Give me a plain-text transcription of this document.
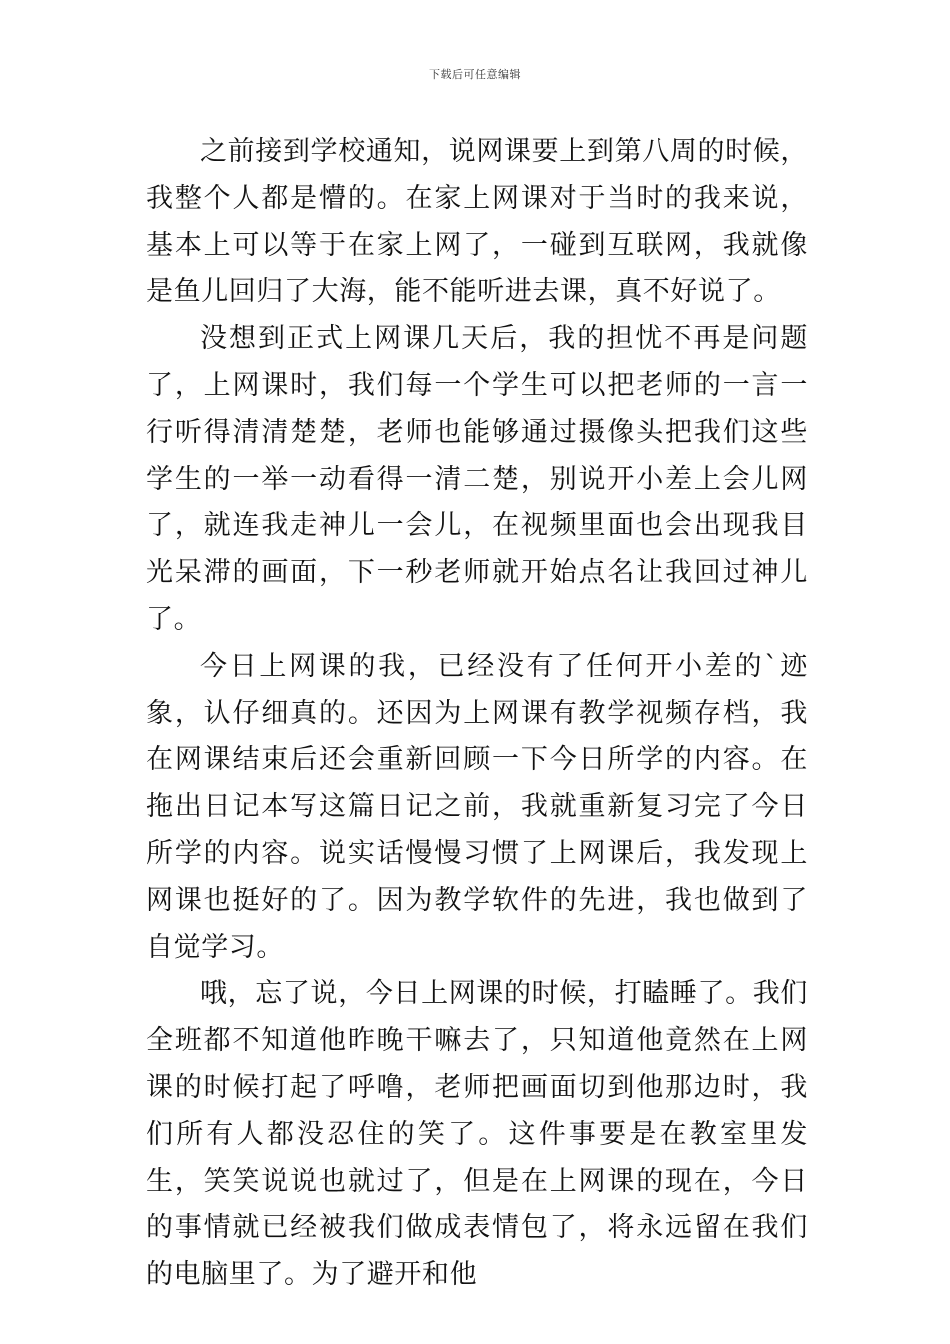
下载后可任意编辑

之前接到学校通知，说网课要上到第八周的时候，我整个人都是懵的。在家上网课对于当时的我来说，基本上可以等于在家上网了，一碰到互联网，我就像是鱼儿回归了大海，能不能听进去课，真不好说了。

没想到正式上网课几天后，我的担忧不再是问题了，上网课时，我们每一个学生可以把老师的一言一行听得清清楚楚，老师也能够通过摄像头把我们这些学生的一举一动看得一清二楚，别说开小差上会儿网了，就连我走神儿一会儿，在视频里面也会出现我目光呆滞的画面，下一秒老师就开始点名让我回过神儿了。

今日上网课的我，已经没有了任何开小差的`迹象，认仔细真的。还因为上网课有教学视频存档，我在网课结束后还会重新回顾一下今日所学的内容。在拖出日记本写这篇日记之前，我就重新复习完了今日所学的内容。说实话慢慢习惯了上网课后，我发现上网课也挺好的了。因为教学软件的先进，我也做到了自觉学习。

哦，忘了说，今日上网课的时候，打瞌睡了。我们全班都不知道他昨晚干嘛去了，只知道他竟然在上网课的时候打起了呼噜，老师把画面切到他那边时，我们所有人都没忍住的笑了。这件事要是在教室里发生，笑笑说说也就过了，但是在上网课的现在，今日的事情就已经被我们做成表情包了，将永远留在我们的电脑里了。为了避开和他
